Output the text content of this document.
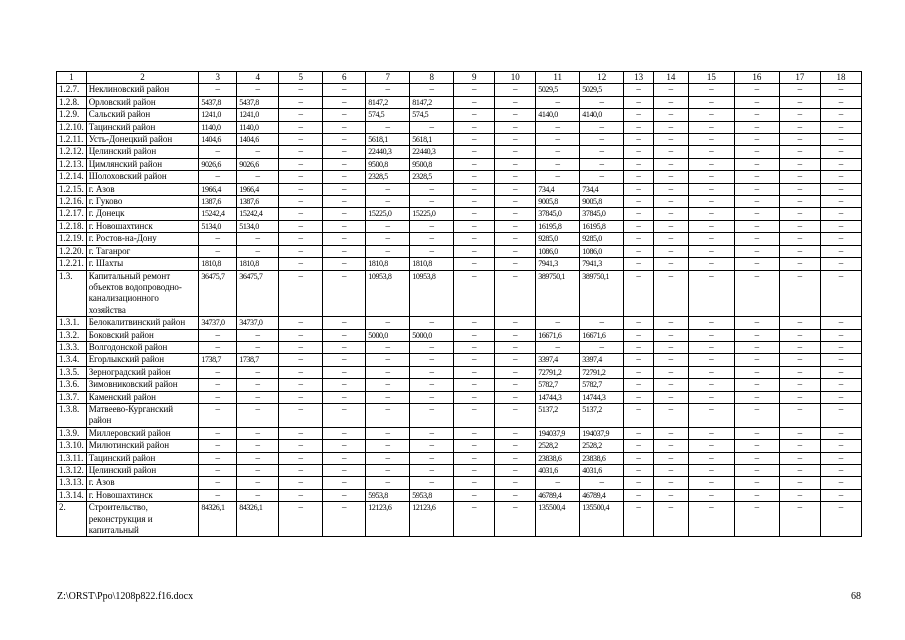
1	2	3	4	5	6	7	8	9	10	11	12	13	14	15	16	17	18
1.2.7.	Неклиновский район	–	–	–	–	–	–	–	–	5029,5	5029,5	–	–	–	–	–	–
1.2.8.	Орловский район	5437,8	5437,8	–	–	8147,2	8147,2	–	–	–	–	–	–	–	–	–	–
1.2.9.	Сальский район	1241,0	1241,0	–	–	574,5	574,5	–	–	4140,0	4140,0	–	–	–	–	–	–
1.2.10.	Тацинский район	1140,0	1140,0	–	–	–	–	–	–	–	–	–	–	–	–	–	–
1.2.11.	Усть-Донецкий район	1404,6	1404,6	–	–	5618,1	5618,1	–	–	–	–	–	–	–	–	–	–
1.2.12.	Целинский район	–	–	–	–	22440,3	22440,3	–	–	–	–	–	–	–	–	–	–
1.2.13.	Цимлянский район	9026,6	9026,6	–	–	9500,8	9500,8	–	–	–	–	–	–	–	–	–	–
1.2.14.	Шолоховский район	–	–	–	–	2328,5	2328,5	–	–	–	–	–	–	–	–	–	–
1.2.15.	г. Азов	1966,4	1966,4	–	–	–	–	–	–	734,4	734,4	–	–	–	–	–	–
1.2.16.	г. Гуково	1387,6	1387,6	–	–	–	–	–	–	9005,8	9005,8	–	–	–	–	–	–
1.2.17.	г. Донецк	15242,4	15242,4	–	–	15225,0	15225,0	–	–	37845,0	37845,0	–	–	–	–	–	–
1.2.18.	г. Новошахтинск	5134,0	5134,0	–	–	–	–	–	–	16195,8	16195,8	–	–	–	–	–	–
1.2.19.	г. Ростов-на-Дону	–	–	–	–	–	–	–	–	9285,0	9285,0	–	–	–	–	–	–
1.2.20.	г. Таганрог	–	–	–	–	–	–	–	–	1086,0	1086,0	–	–	–	–	–	–
1.2.21.	г. Шахты	1810,8	1810,8	–	–	1810,8	1810,8	–	–	7941,3	7941,3	–	–	–	–	–	–
1.3.	Капитальный ремонт объектов водопроводно-канализационного хозяйства	36475,7	36475,7	–	–	10953,8	10953,8	–	–	389750,1	389750,1	–	–	–	–	–	–
1.3.1.	Белокалитвинский район	34737,0	34737,0	–	–	–	–	–	–	–	–	–	–	–	–	–	–
1.3.2.	Боковский район	–	–	–	–	5000,0	5000,0	–	–	16671,6	16671,6	–	–	–	–	–	–
1.3.3.	Волгодонской район	–	–	–	–	–	–	–	–	–	–	–	–	–	–	–	–
1.3.4.	Егорлыкский район	1738,7	1738,7	–	–	–	–	–	–	3397,4	3397,4	–	–	–	–	–	–
1.3.5.	Зерноградский район	–	–	–	–	–	–	–	–	72791,2	72791,2	–	–	–	–	–	–
1.3.6.	Зимовниковский район	–	–	–	–	–	–	–	–	5782,7	5782,7	–	–	–	–	–	–
1.3.7.	Каменский район	–	–	–	–	–	–	–	–	14744,3	14744,3	–	–	–	–	–	–
1.3.8.	Матвеево-Курганский район	–	–	–	–	–	–	–	–	5137,2	5137,2	–	–	–	–	–	–
1.3.9.	Миллеровский район	–	–	–	–	–	–	–	–	194037,9	194037,9	–	–	–	–	–	–
1.3.10.	Милютинский район	–	–	–	–	–	–	–	–	2528,2	2528,2	–	–	–	–	–	–
1.3.11.	Тацинский район	–	–	–	–	–	–	–	–	23838,6	23838,6	–	–	–	–	–	–
1.3.12.	Целинский район	–	–	–	–	–	–	–	–	4031,6	4031,6	–	–	–	–	–	–
1.3.13.	г. Азов	–	–	–	–	–	–	–	–	–	–	–	–	–	–	–	–
1.3.14.	г. Новошахтинск	–	–	–	–	5953,8	5953,8	–	–	46789,4	46789,4	–	–	–	–	–	–
2.	Строительство, реконструкция и капитальный	84326,1	84326,1	–	–	12123,6	12123,6	–	–	135500,4	135500,4	–	–	–	–	–	–
Z:\ORST\Ppo\1208p822.f16.docx	68
